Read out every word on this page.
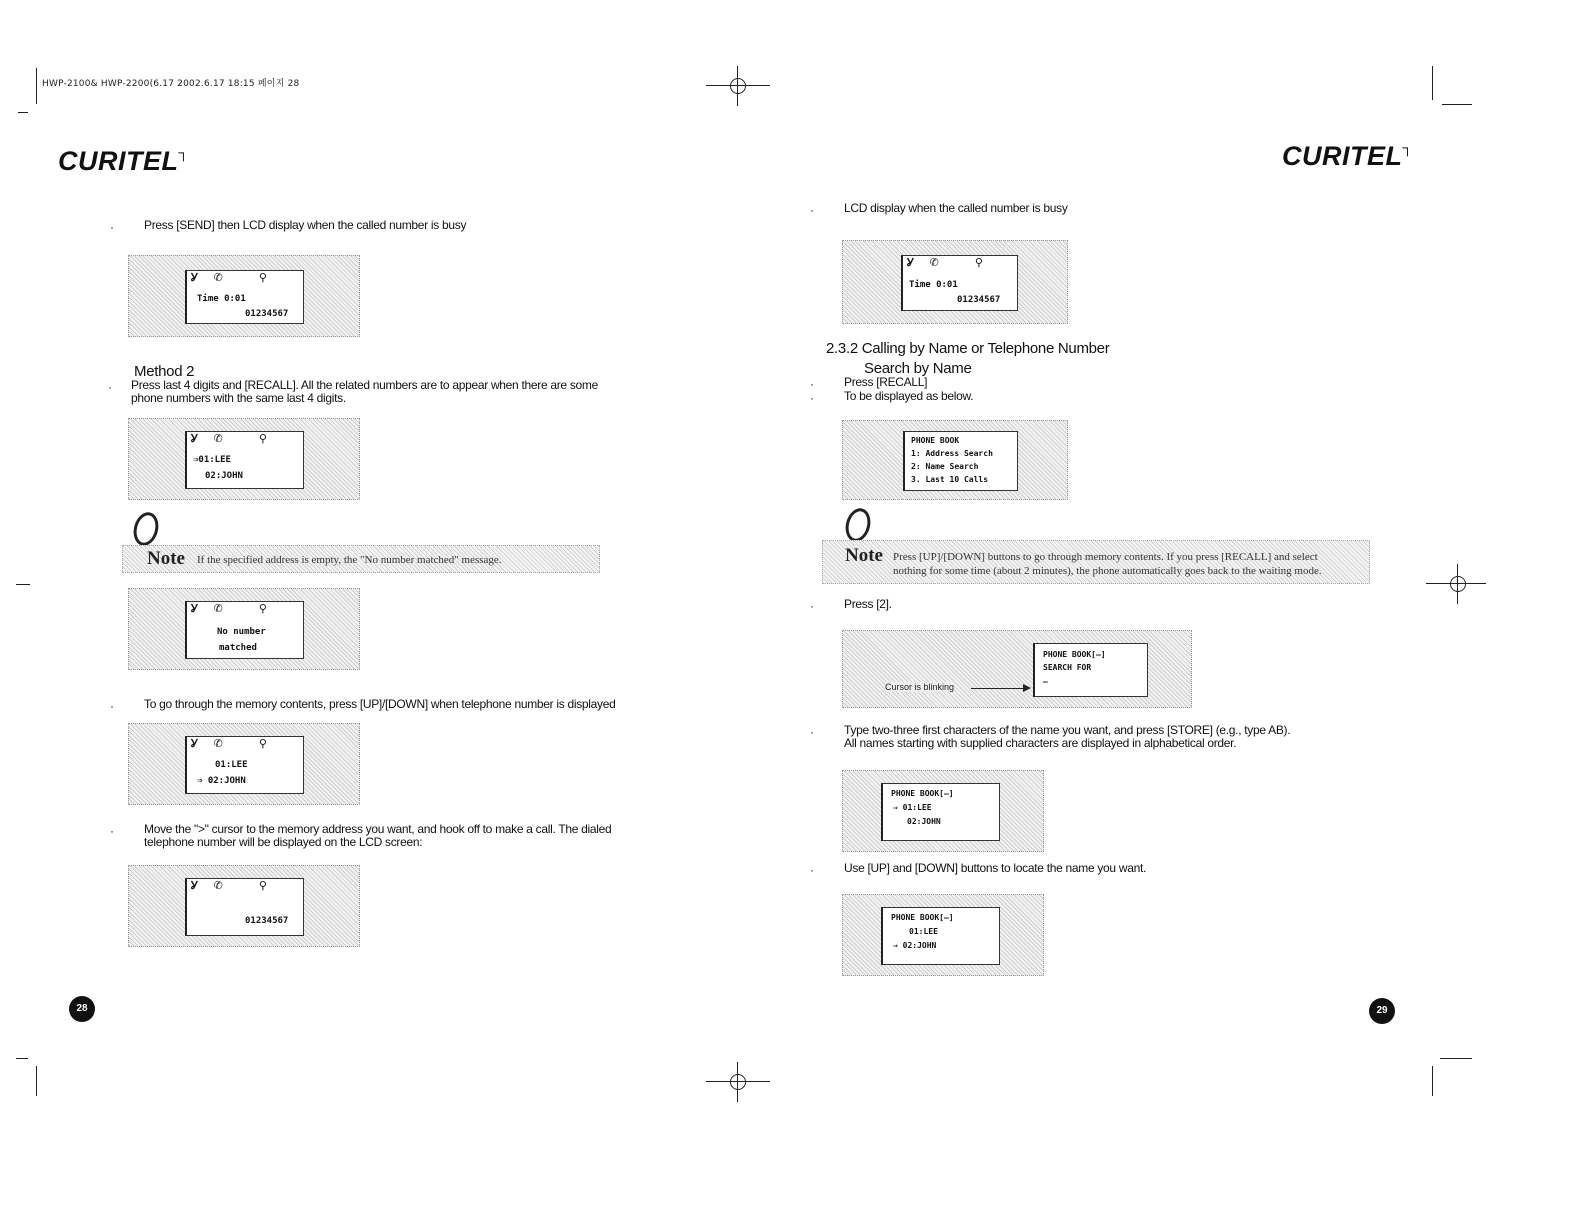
HWP-2100& HWP-2200(6.17 2002.6.17 18:15 페이지 28
CURITEL┐	CURITEL┐
·	Press [SEND] then LCD display when the called number is busy
Ỿ ✆	⚲
Time 0:01
01234567
Method 2
· Press last 4 digits and [RECALL]. All the related numbers are to appear when there are some
phone numbers with the same last 4 digits.
Ỿ ✆	⚲
⇒01:LEE
02:JOHN
Note If the specified address is empty, the "No number matched" message.
Ỿ ✆	⚲
No number
matched
·	To go through the memory contents, press [UP]/[DOWN] when telephone number is displayed
Ỿ ✆	⚲
01:LEE
⇒ 02:JOHN
·	Move the ">" cursor to the memory address you want, and hook off to make a call. The dialed
telephone number will be displayed on the LCD screen:
Ỿ ✆	⚲
01234567
28
·	LCD display when the called number is busy
Ỿ ✆	⚲
Time 0:01
01234567
2.3.2 Calling by Name or Telephone Number
Search by Name
·	Press [RECALL]
·	To be displayed as below.
PHONE BOOK
1: Address Search
2: Name Search
3. Last 10 Calls
Note Press [UP]/[DOWN] buttons to go through memory contents. If you press [RECALL] and select
nothing for some time (about 2 minutes), the phone automatically goes back to the waiting mode.
·	Press [2].
PHONE BOOK[–]
SEARCH FOR
–
Cursor is blinking
·	Type two-three first characters of the name you want, and press [STORE] (e.g., type AB).
All names starting with supplied characters are displayed in alphabetical order.
PHONE BOOK[–]
⇒ 01:LEE
02:JOHN
·	Use [UP] and [DOWN] buttons to locate the name you want.
PHONE BOOK[–]
01:LEE
⇒ 02:JOHN
29
